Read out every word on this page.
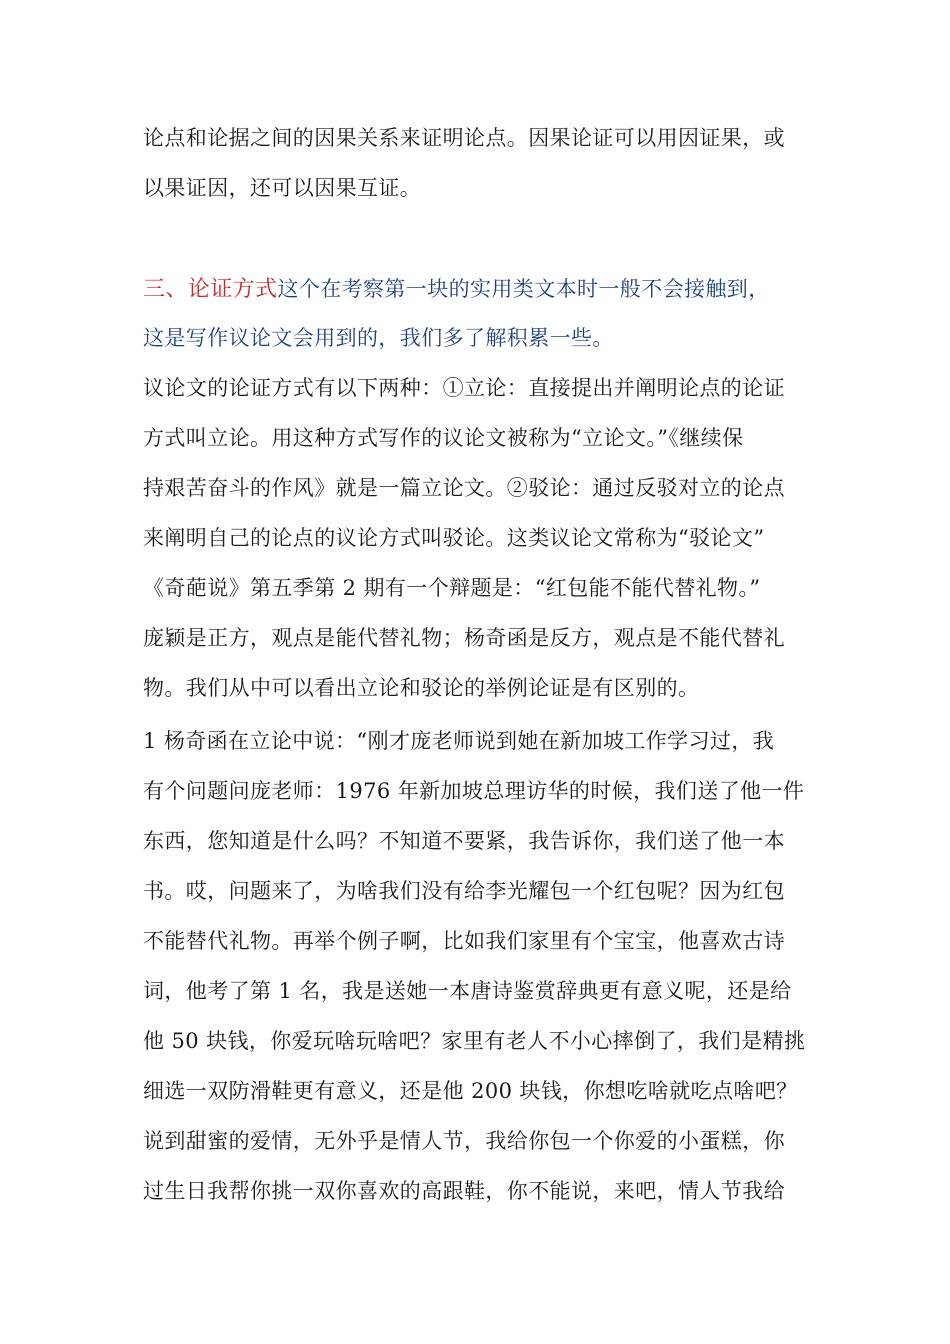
论点和论据之间的因果关系来证明论点。因果论证可以用因证果，或
以果证因，还可以因果互证。
三、论证方式这个在考察第一块的实用类文本时一般不会接触到，
这是写作议论文会用到的，我们多了解积累一些。
议论文的论证方式有以下两种：①立论：直接提出并阐明论点的论证
方式叫立论。用这种方式写作的议论文被称为“立论文。”《继续保
持艰苦奋斗的作风》就是一篇立论文。②驳论：通过反驳对立的论点
来阐明自己的论点的议论方式叫驳论。这类议论文常称为“驳论文”
《奇葩说》第五季第 2 期有一个辩题是：“红包能不能代替礼物。”
庞颖是正方，观点是能代替礼物；杨奇函是反方，观点是不能代替礼
物。我们从中可以看出立论和驳论的举例论证是有区别的。
1 杨奇函在立论中说：“刚才庞老师说到她在新加坡工作学习过，我
有个问题问庞老师：1976 年新加坡总理访华的时候，我们送了他一件
东西，您知道是什么吗？不知道不要紧，我告诉你，我们送了他一本
书。哎，问题来了，为啥我们没有给李光耀包一个红包呢？因为红包
不能替代礼物。再举个例子啊，比如我们家里有个宝宝，他喜欢古诗
词，他考了第 1 名，我是送她一本唐诗鉴赏辞典更有意义呢，还是给
他 50 块钱，你爱玩啥玩啥吧？家里有老人不小心摔倒了，我们是精挑
细选一双防滑鞋更有意义，还是他 200 块钱，你想吃啥就吃点啥吧？
说到甜蜜的爱情，无外乎是情人节，我给你包一个你爱的小蛋糕，你
过生日我帮你挑一双你喜欢的高跟鞋，你不能说，来吧，情人节我给
